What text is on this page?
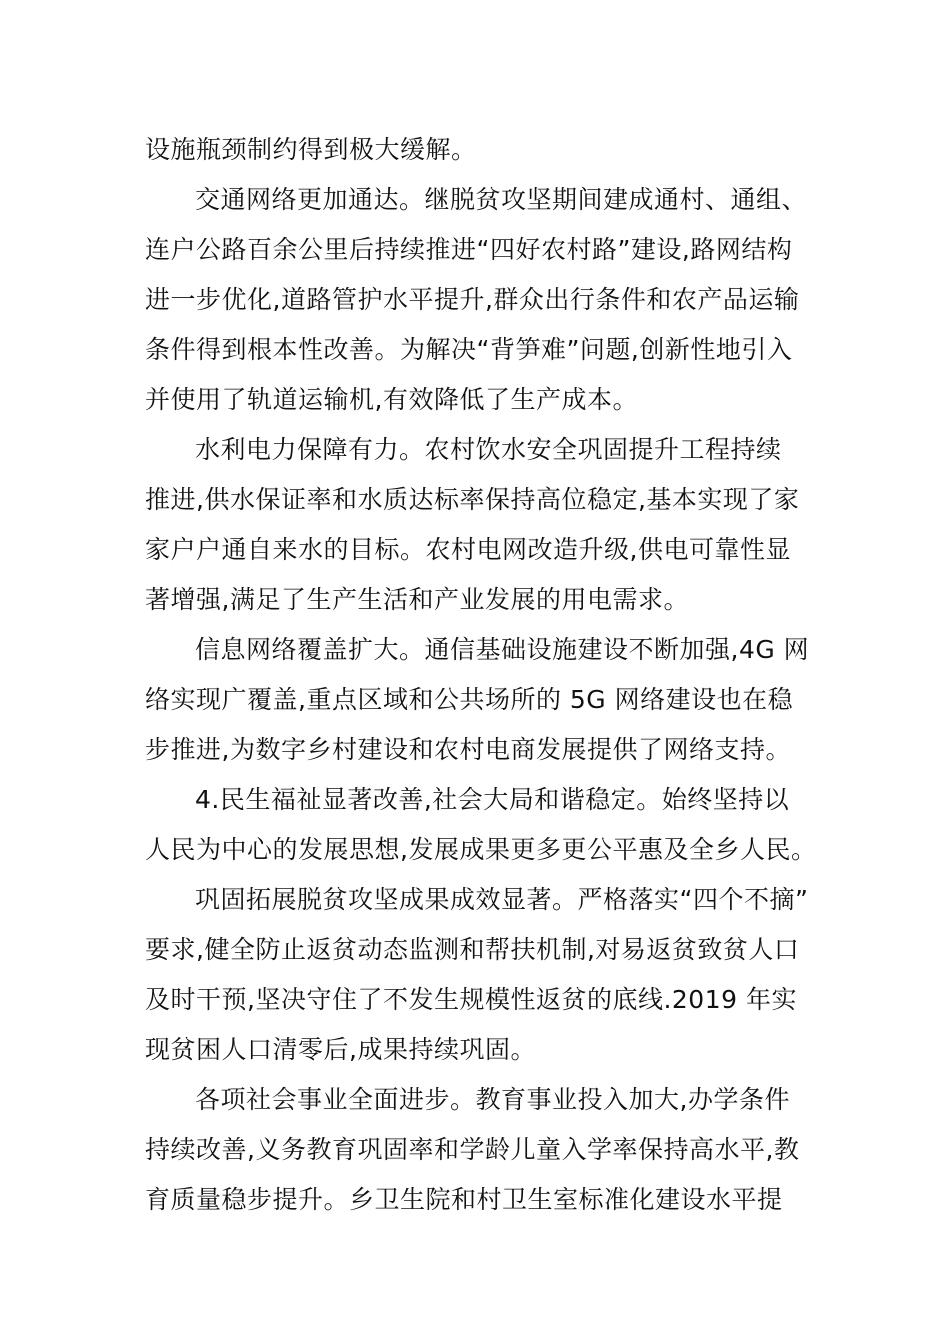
设施瓶颈制约得到极大缓解。
交通网络更加通达。继脱贫攻坚期间建成通村、通组、
连户公路百余公里后持续推进“四好农村路”建设,路网结构
进一步优化,道路管护水平提升,群众出行条件和农产品运输
条件得到根本性改善。为解决“背笋难”问题,创新性地引入
并使用了轨道运输机,有效降低了生产成本。
水利电力保障有力。农村饮水安全巩固提升工程持续
推进,供水保证率和水质达标率保持高位稳定,基本实现了家
家户户通自来水的目标。农村电网改造升级,供电可靠性显
著增强,满足了生产生活和产业发展的用电需求。
信息网络覆盖扩大。通信基础设施建设不断加强,4G 网
络实现广覆盖,重点区域和公共场所的 5G 网络建设也在稳
步推进,为数字乡村建设和农村电商发展提供了网络支持。
4.民生福祉显著改善,社会大局和谐稳定。始终坚持以
人民为中心的发展思想,发展成果更多更公平惠及全乡人民。
巩固拓展脱贫攻坚成果成效显著。严格落实“四个不摘”
要求,健全防止返贫动态监测和帮扶机制,对易返贫致贫人口
及时干预,坚决守住了不发生规模性返贫的底线.2019 年实
现贫困人口清零后,成果持续巩固。
各项社会事业全面进步。教育事业投入加大,办学条件
持续改善,义务教育巩固率和学龄儿童入学率保持高水平,教
育质量稳步提升。乡卫生院和村卫生室标准化建设水平提
